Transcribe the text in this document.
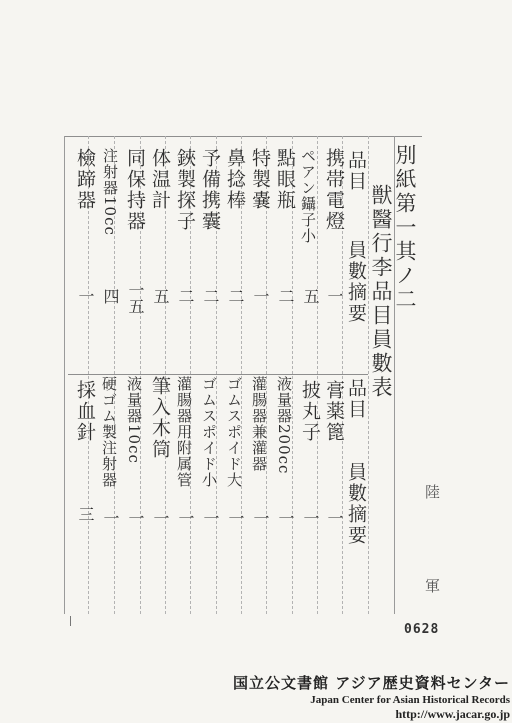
別紙第一其ノ二
獣醫行李品目員數表
品目
員數摘要
携帯電燈
一
ペアン鑷子小
五
點眼瓶
二
特製嚢
一
鼻捻棒
二
予備携囊
二
鋏製探子
二
体温計
五
同保持器
一五
注射器10cc
四
檢蹄器
一
品目
員數摘要
膏薬篦
一
披丸子
一
液量器200cc
一
灌腸器兼灌器
一
ゴムスポイド大
一
ゴムスポイド小
一
灌腸器用附属管
一
筆入木筒
一
液量器10cc
一
硬ゴム製注射器
一
採血針
三
陸
軍
0628
国立公文書館 アジア歴史資料センター
Japan Center for Asian Historical Records
http://www.jacar.go.jp
